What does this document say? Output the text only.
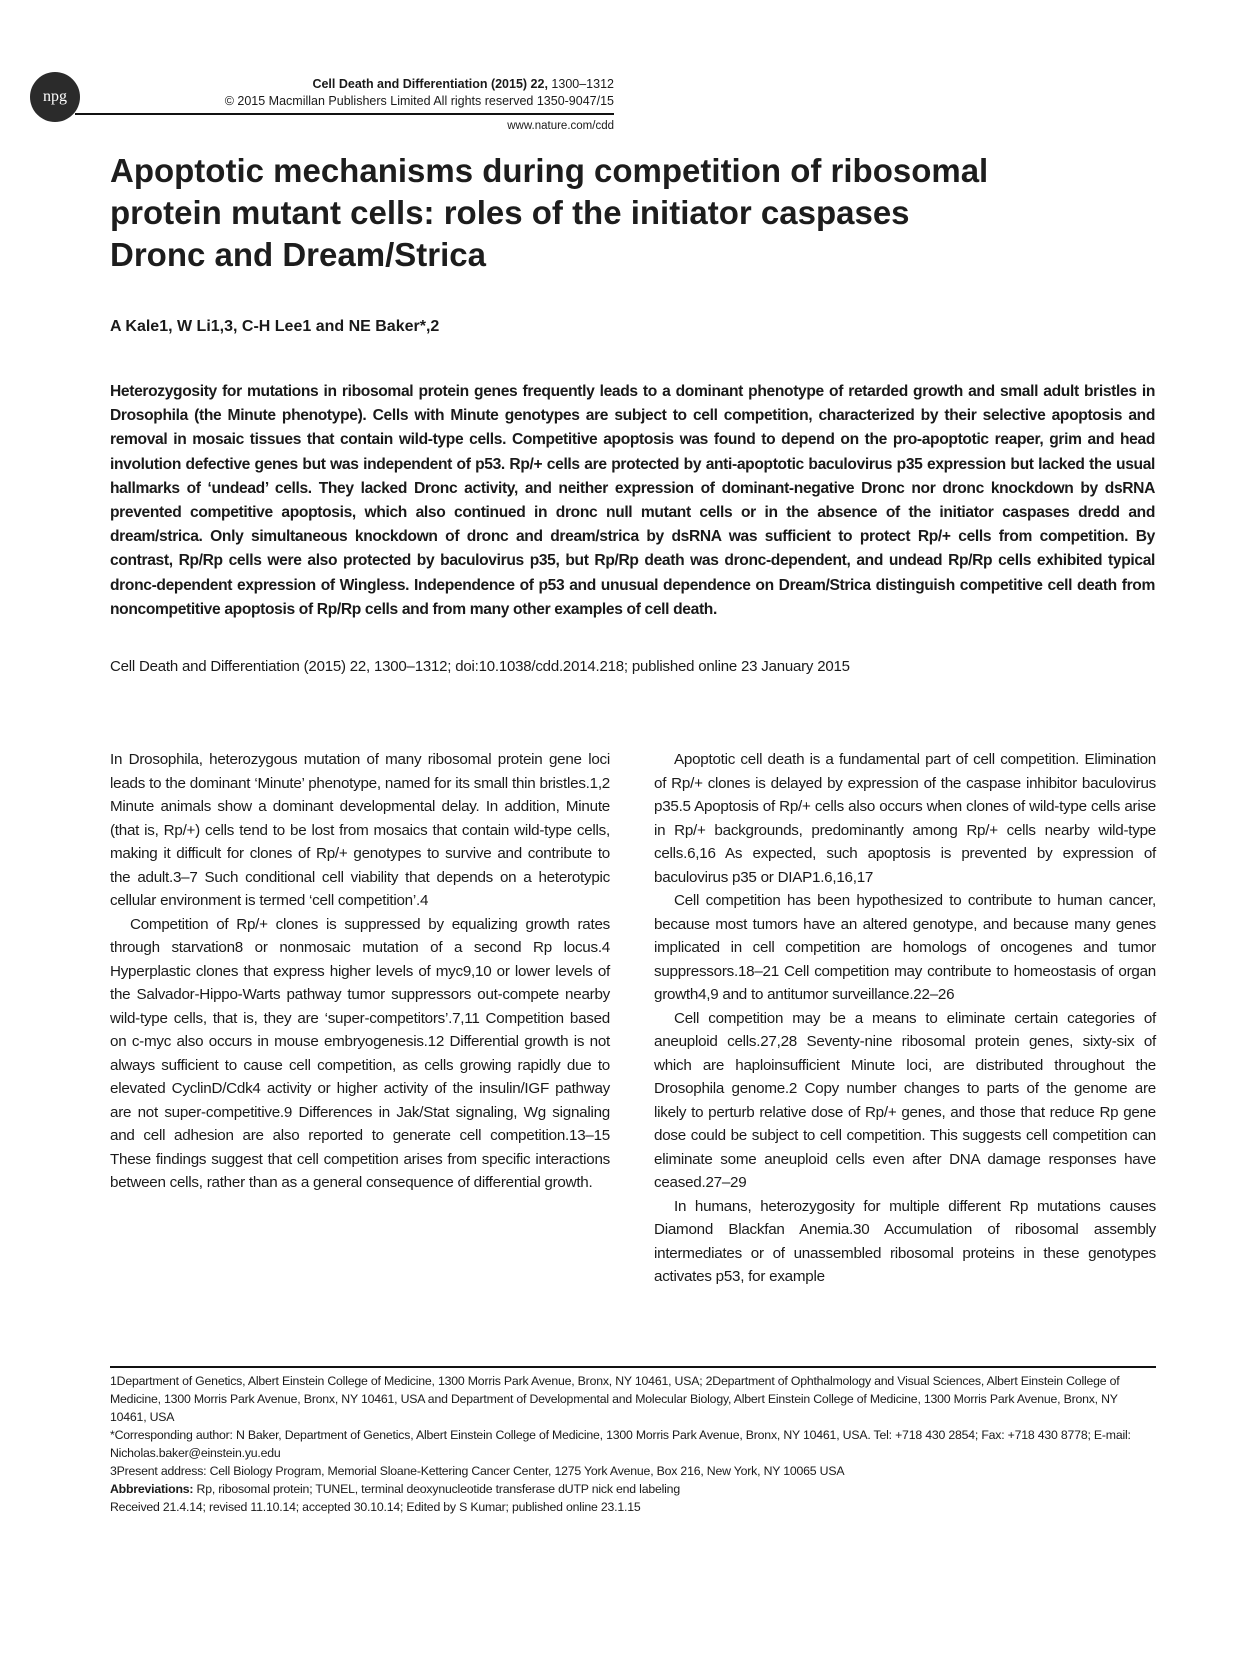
npg
Cell Death and Differentiation (2015) 22, 1300–1312
© 2015 Macmillan Publishers Limited All rights reserved 1350-9047/15
www.nature.com/cdd
Apoptotic mechanisms during competition of ribosomal protein mutant cells: roles of the initiator caspases Dronc and Dream/Strica
A Kale1, W Li1,3, C-H Lee1 and NE Baker*,2

Heterozygosity for mutations in ribosomal protein genes frequently leads to a dominant phenotype of retarded growth and small adult bristles in Drosophila (the Minute phenotype). Cells with Minute genotypes are subject to cell competition, characterized by their selective apoptosis and removal in mosaic tissues that contain wild-type cells. Competitive apoptosis was found to depend on the pro-apoptotic reaper, grim and head involution defective genes but was independent of p53. Rp/+ cells are protected by anti-apoptotic baculovirus p35 expression but lacked the usual hallmarks of ‘undead’ cells. They lacked Dronc activity, and neither expression of dominant-negative Dronc nor dronc knockdown by dsRNA prevented competitive apoptosis, which also continued in dronc null mutant cells or in the absence of the initiator caspases dredd and dream/strica. Only simultaneous knockdown of dronc and dream/strica by dsRNA was sufficient to protect Rp/+ cells from competition. By contrast, Rp/Rp cells were also protected by baculovirus p35, but Rp/Rp death was dronc-dependent, and undead Rp/Rp cells exhibited typical dronc-dependent expression of Wingless. Independence of p53 and unusual dependence on Dream/Strica distinguish competitive cell death from noncompetitive apoptosis of Rp/Rp cells and from many other examples of cell death.

Cell Death and Differentiation (2015) 22, 1300–1312; doi:10.1038/cdd.2014.218; published online 23 January 2015

In Drosophila, heterozygous mutation of many ribosomal protein gene loci leads to the dominant ‘Minute’ phenotype, named for its small thin bristles.1,2 Minute animals show a dominant developmental delay. In addition, Minute (that is, Rp/+) cells tend to be lost from mosaics that contain wild-type cells, making it difficult for clones of Rp/+ genotypes to survive and contribute to the adult.3–7 Such conditional cell viability that depends on a heterotypic cellular environment is termed ‘cell competition’.4

Competition of Rp/+ clones is suppressed by equalizing growth rates through starvation8 or nonmosaic mutation of a second Rp locus.4 Hyperplastic clones that express higher levels of myc9,10 or lower levels of the Salvador-Hippo-Warts pathway tumor suppressors out-compete nearby wild-type cells, that is, they are ‘super-competitors’.7,11 Competition based on c-myc also occurs in mouse embryogenesis.12 Differential growth is not always sufficient to cause cell competition, as cells growing rapidly due to elevated CyclinD/Cdk4 activity or higher activity of the insulin/IGF pathway are not super-competitive.9 Differences in Jak/Stat signaling, Wg signaling and cell adhesion are also reported to generate cell competition.13–15 These findings suggest that cell competition arises from specific interactions between cells, rather than as a general consequence of differential growth.

Apoptotic cell death is a fundamental part of cell competition. Elimination of Rp/+ clones is delayed by expression of the caspase inhibitor baculovirus p35.5 Apoptosis of Rp/+ cells also occurs when clones of wild-type cells arise in Rp/+ backgrounds, predominantly among Rp/+ cells nearby wild-type cells.6,16 As expected, such apoptosis is prevented by expression of baculovirus p35 or DIAP1.6,16,17

Cell competition has been hypothesized to contribute to human cancer, because most tumors have an altered genotype, and because many genes implicated in cell competition are homologs of oncogenes and tumor suppressors.18–21 Cell competition may contribute to homeostasis of organ growth4,9 and to antitumor surveillance.22–26

Cell competition may be a means to eliminate certain categories of aneuploid cells.27,28 Seventy-nine ribosomal protein genes, sixty-six of which are haploinsufficient Minute loci, are distributed throughout the Drosophila genome.2 Copy number changes to parts of the genome are likely to perturb relative dose of Rp/+ genes, and those that reduce Rp gene dose could be subject to cell competition. This suggests cell competition can eliminate some aneuploid cells even after DNA damage responses have ceased.27–29

In humans, heterozygosity for multiple different Rp mutations causes Diamond Blackfan Anemia.30 Accumulation of ribosomal assembly intermediates or of unassembled ribosomal proteins in these genotypes activates p53, for example

1Department of Genetics, Albert Einstein College of Medicine, 1300 Morris Park Avenue, Bronx, NY 10461, USA; 2Department of Ophthalmology and Visual Sciences, Albert Einstein College of Medicine, 1300 Morris Park Avenue, Bronx, NY 10461, USA and Department of Developmental and Molecular Biology, Albert Einstein College of Medicine, 1300 Morris Park Avenue, Bronx, NY 10461, USA

*Corresponding author: N Baker, Department of Genetics, Albert Einstein College of Medicine, 1300 Morris Park Avenue, Bronx, NY 10461, USA. Tel: +718 430 2854; Fax: +718 430 8778; E-mail: Nicholas.baker@einstein.yu.edu

3Present address: Cell Biology Program, Memorial Sloane-Kettering Cancer Center, 1275 York Avenue, Box 216, New York, NY 10065 USA

Abbreviations: Rp, ribosomal protein; TUNEL, terminal deoxynucleotide transferase dUTP nick end labeling

Received 21.4.14; revised 11.10.14; accepted 30.10.14; Edited by S Kumar; published online 23.1.15
